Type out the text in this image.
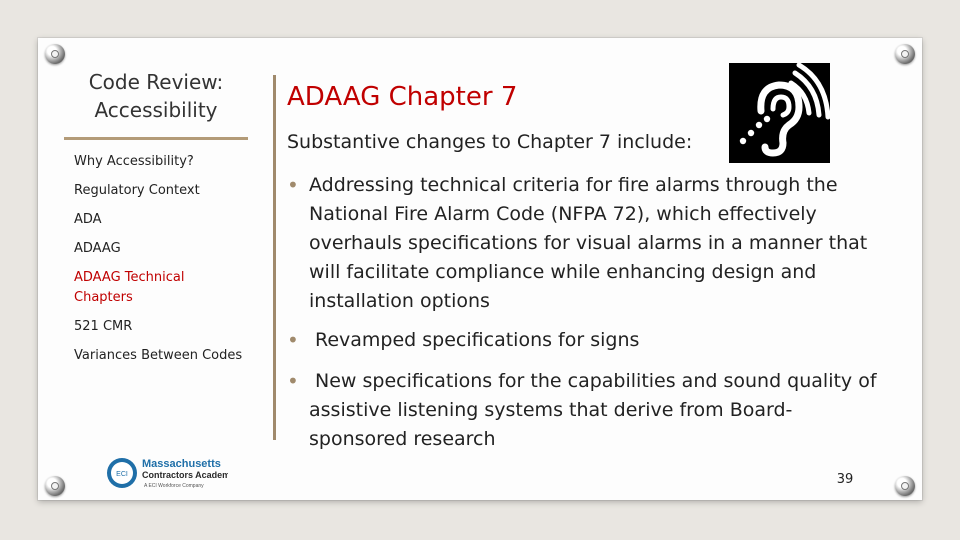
Code Review: Accessibility
Why Accessibility?
Regulatory Context
ADA
ADAAG
ADAAG Technical Chapters
521 CMR
Variances Between Codes
ADAAG Chapter 7
Substantive changes to Chapter 7 include:
• Addressing technical criteria for fire alarms through the National Fire Alarm Code (NFPA 72), which effectively overhauls specifications for visual alarms in a manner that will facilitate compliance while enhancing design and installation options
• Revamped specifications for signs
• New specifications for the capabilities and sound quality of
assistive listening systems that derive from Board-sponsored research
ECI
Massachusetts
Contractors Academy
A ECI Workforce Company	39
